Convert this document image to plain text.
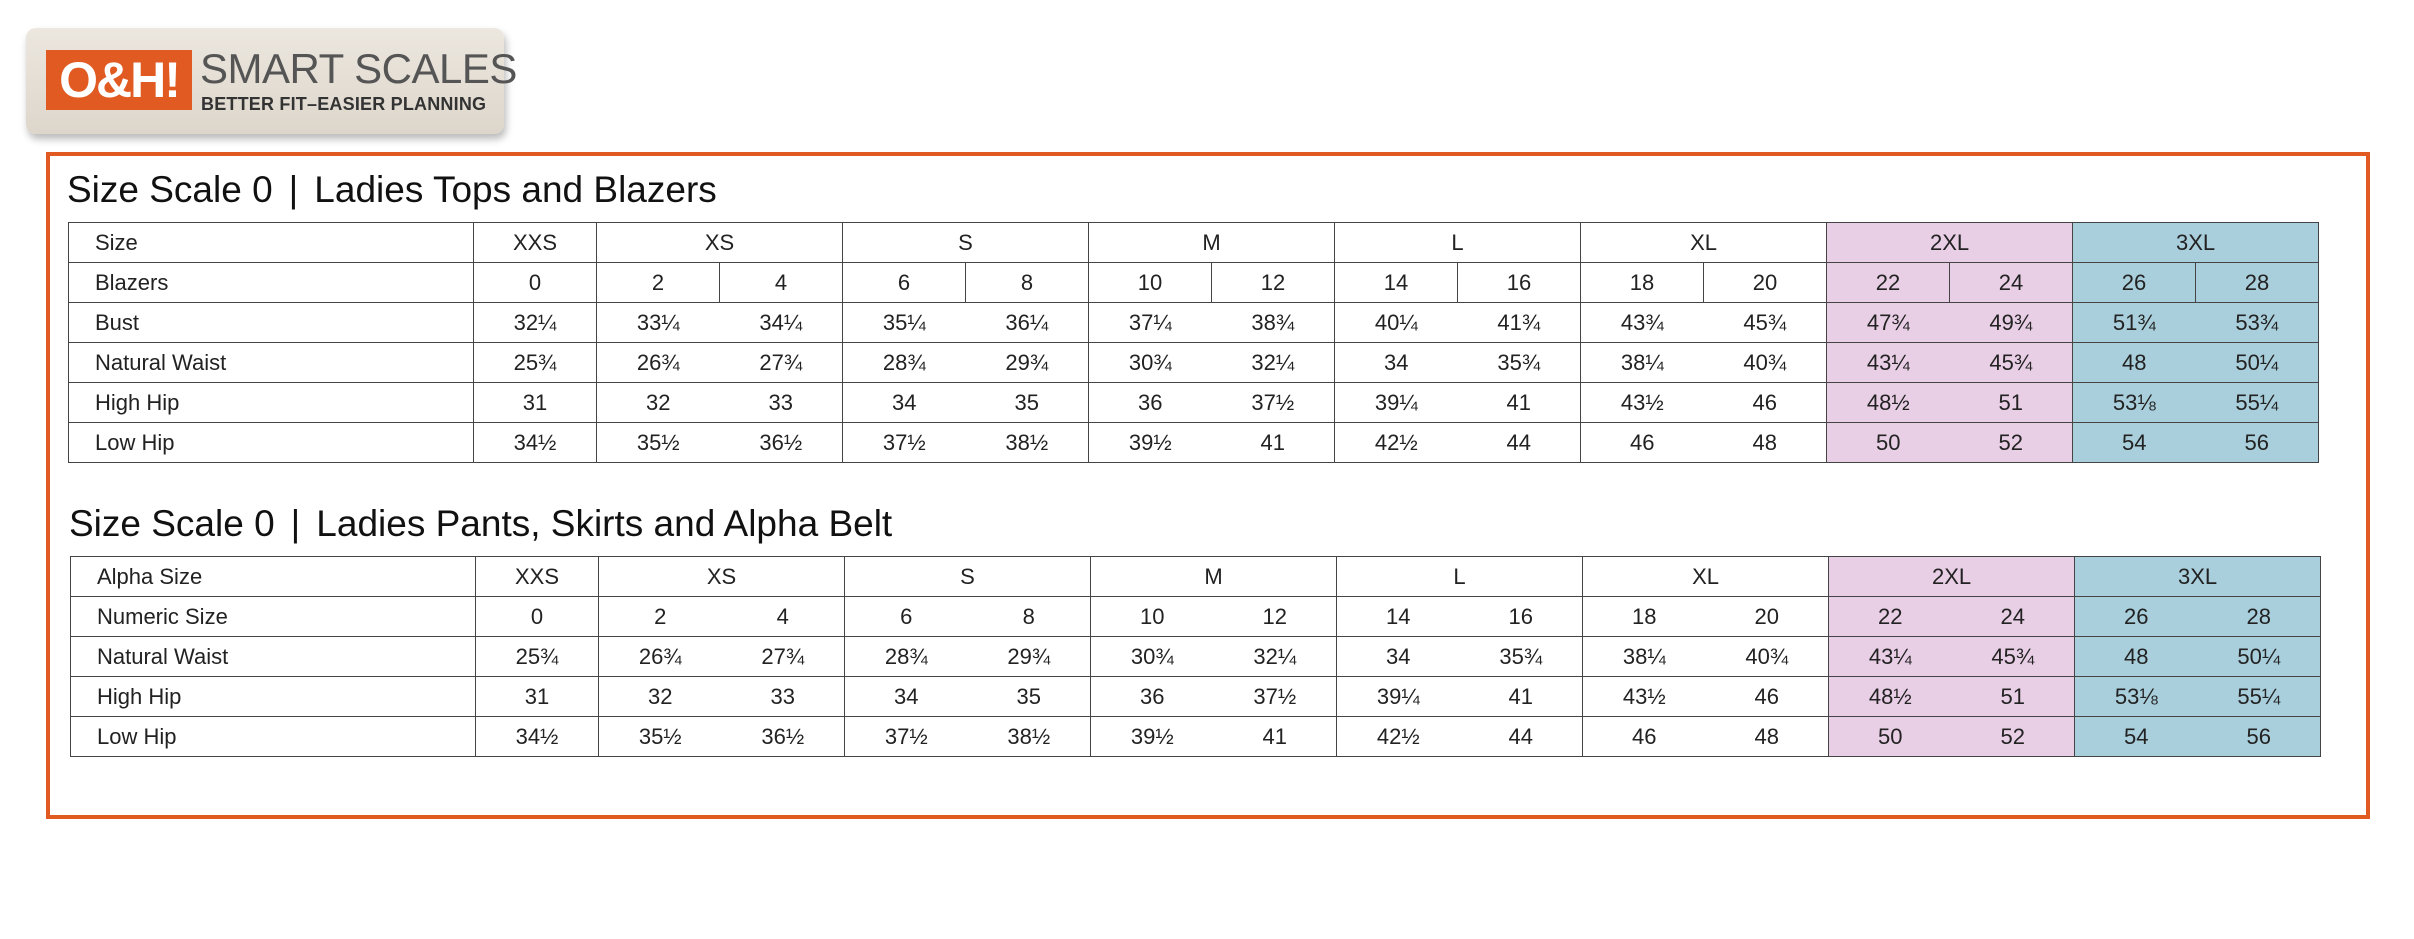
O&H! SMART SCALES
BETTER FIT–EASIER PLANNING
Size Scale 0 | Ladies Tops and Blazers
Size	XXS	XS		S		M		L		XL		2XL		3XL	
Blazers	0	2	4	6	8	10	12	14	16	18	20	22	24	26	28
Bust	32¼	33¼	34¼	35¼	36¼	37¼	38¾	40¼	41¾	43¾	45¾	47¾	49¾	51¾	53¾
Natural Waist	25¾	26¾	27¾	28¾	29¾	30¾	32¼	34	35¾	38¼	40¾	43¼	45¾	48	50¼
High Hip	31	32	33	34	35	36	37½	39¼	41	43½	46	48½	51	53⅛	55¼
Low Hip	34½	35½	36½	37½	38½	39½	41	42½	44	46	48	50	52	54	56
Size Scale 0 | Ladies Pants, Skirts and Alpha Belt
Alpha Size	XXS	XS		S		M		L		XL		2XL		3XL	
Numeric Size	0	2	4	6	8	10	12	14	16	18	20	22	24	26	28
Natural Waist	25¾	26¾	27¾	28¾	29¾	30¾	32¼	34	35¾	38¼	40¾	43¼	45¾	48	50¼
High Hip	31	32	33	34	35	36	37½	39¼	41	43½	46	48½	51	53⅛	55¼
Low Hip	34½	35½	36½	37½	38½	39½	41	42½	44	46	48	50	52	54	56
